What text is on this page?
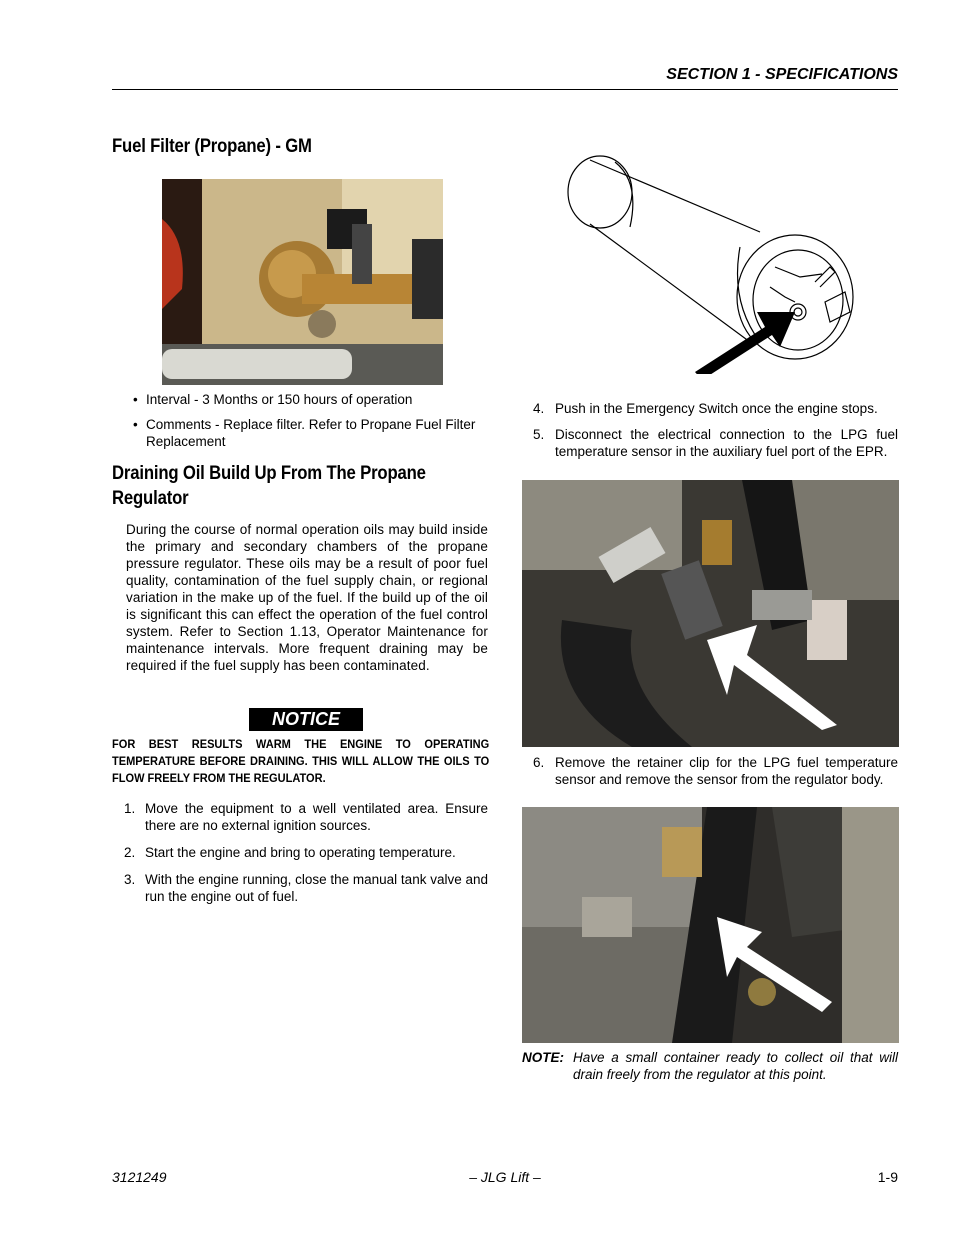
SECTION 1 - SPECIFICATIONS
Fuel Filter (Propane) - GM
• Interval - 3 Months or 150 hours of operation
• Comments - Replace filter. Refer to Propane Fuel Filter Replacement
Draining Oil Build Up From The Propane
Regulator
During the course of normal operation oils may build inside the primary and secondary chambers of the propane pressure regulator. These oils may be a result of poor fuel quality, contamination of the fuel supply chain, or regional variation in the make up of the fuel. If the build up of the oil is significant this can effect the operation of the fuel control system. Refer to Section 1.13, Operator Maintenance for maintenance intervals. More frequent draining may be required if the fuel supply has been contaminated.
NOTICE
FOR BEST RESULTS WARM THE ENGINE TO OPERATING TEMPERATURE BEFORE DRAINING. THIS WILL ALLOW THE OILS TO FLOW FREELY FROM THE REGULATOR.
1. Move the equipment to a well ventilated area. Ensure there are no external ignition sources.
2. Start the engine and bring to operating temperature.
3. With the engine running, close the manual tank valve and run the engine out of fuel.
4. Push in the Emergency Switch once the engine stops.
5. Disconnect the electrical connection to the LPG fuel temperature sensor in the auxiliary fuel port of the EPR.
6. Remove the retainer clip for the LPG fuel temperature sensor and remove the sensor from the regulator body.
NOTE: Have a small container ready to collect oil that will drain freely from the regulator at this point.
3121249	– JLG Lift –	1-9
